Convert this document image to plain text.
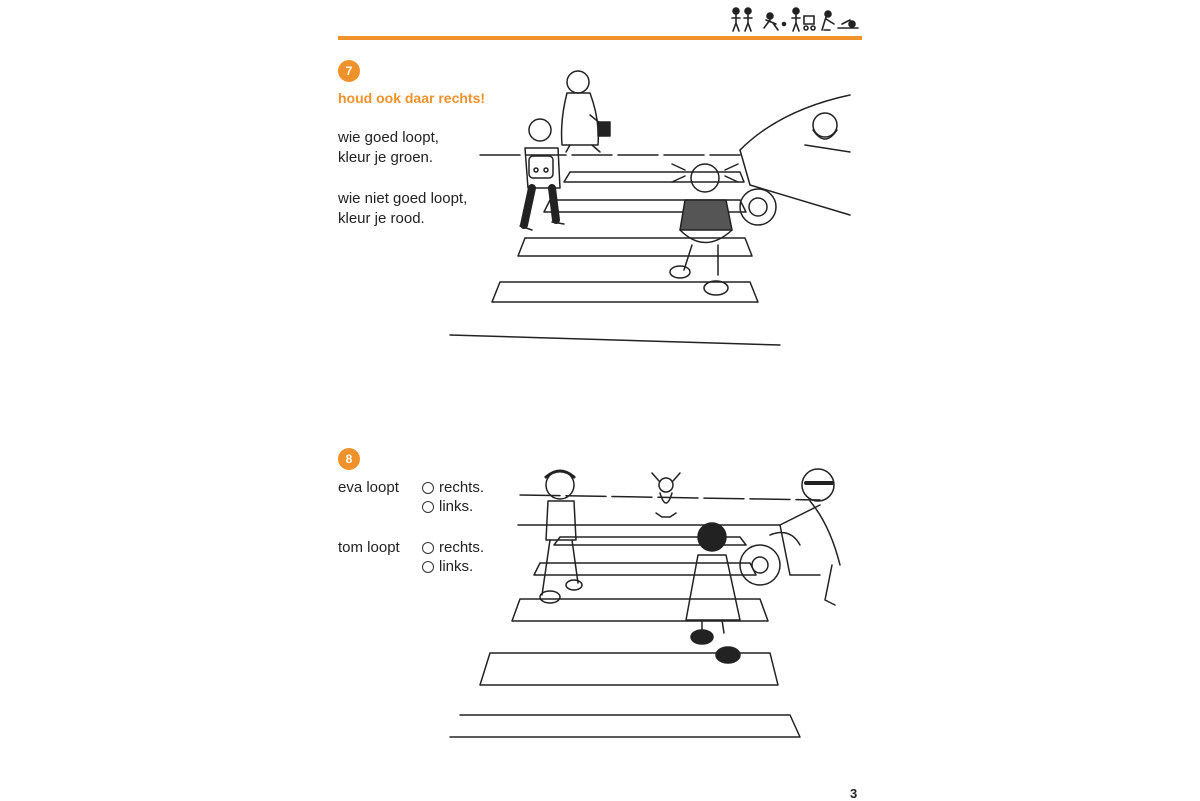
7
houd ook daar rechts!
wie goed loopt,
kleur je groen.
wie niet goed loopt,
kleur je rood.
8
eva loopt	rechts.
links.
tom loopt	rechts.
links.
3
